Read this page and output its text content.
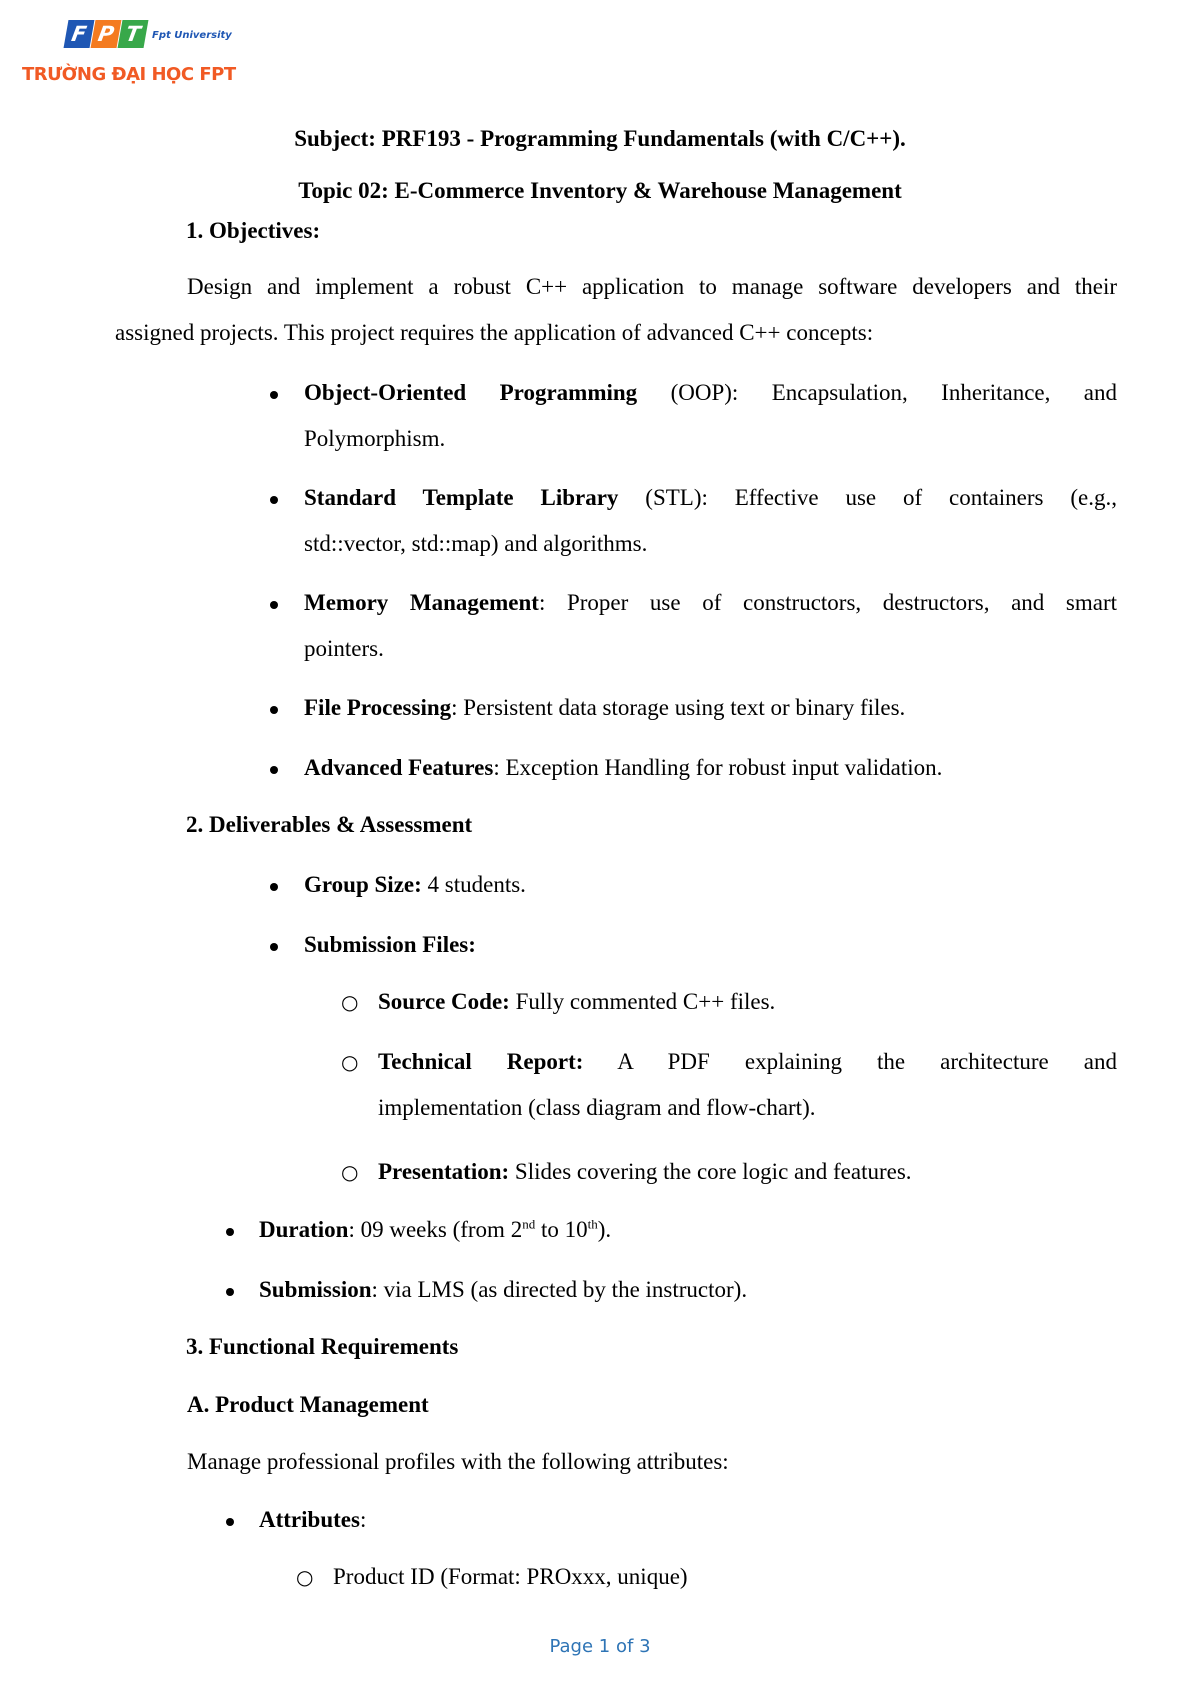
F P T Fpt University
TRƯỜNG ĐẠI HỌC FPT
Subject: PRF193 - Programming Fundamentals (with C/C++).
Topic 02: E-Commerce Inventory & Warehouse Management
1. Objectives:
Design and implement a robust C++ application to manage software developers and their
assigned projects. This project requires the application of advanced C++ concepts:
Object-Oriented Programming (OOP): Encapsulation, Inheritance, and
Polymorphism.
Standard Template Library (STL): Effective use of containers (e.g.,
std::vector, std::map) and algorithms.
Memory Management: Proper use of constructors, destructors, and smart
pointers.
File Processing: Persistent data storage using text or binary files.
Advanced Features: Exception Handling for robust input validation.
2. Deliverables & Assessment
Group Size: 4 students.
Submission Files:
○ Source Code: Fully commented C++ files.
○ Technical Report: A PDF explaining the architecture and
implementation (class diagram and flow-chart).
○ Presentation: Slides covering the core logic and features.
Duration: 09 weeks (from 2nd to 10th).
Submission: via LMS (as directed by the instructor).
3. Functional Requirements
A. Product Management
Manage professional profiles with the following attributes:
Attributes:
○ Product ID (Format: PROxxx, unique)
Page 1 of 3
